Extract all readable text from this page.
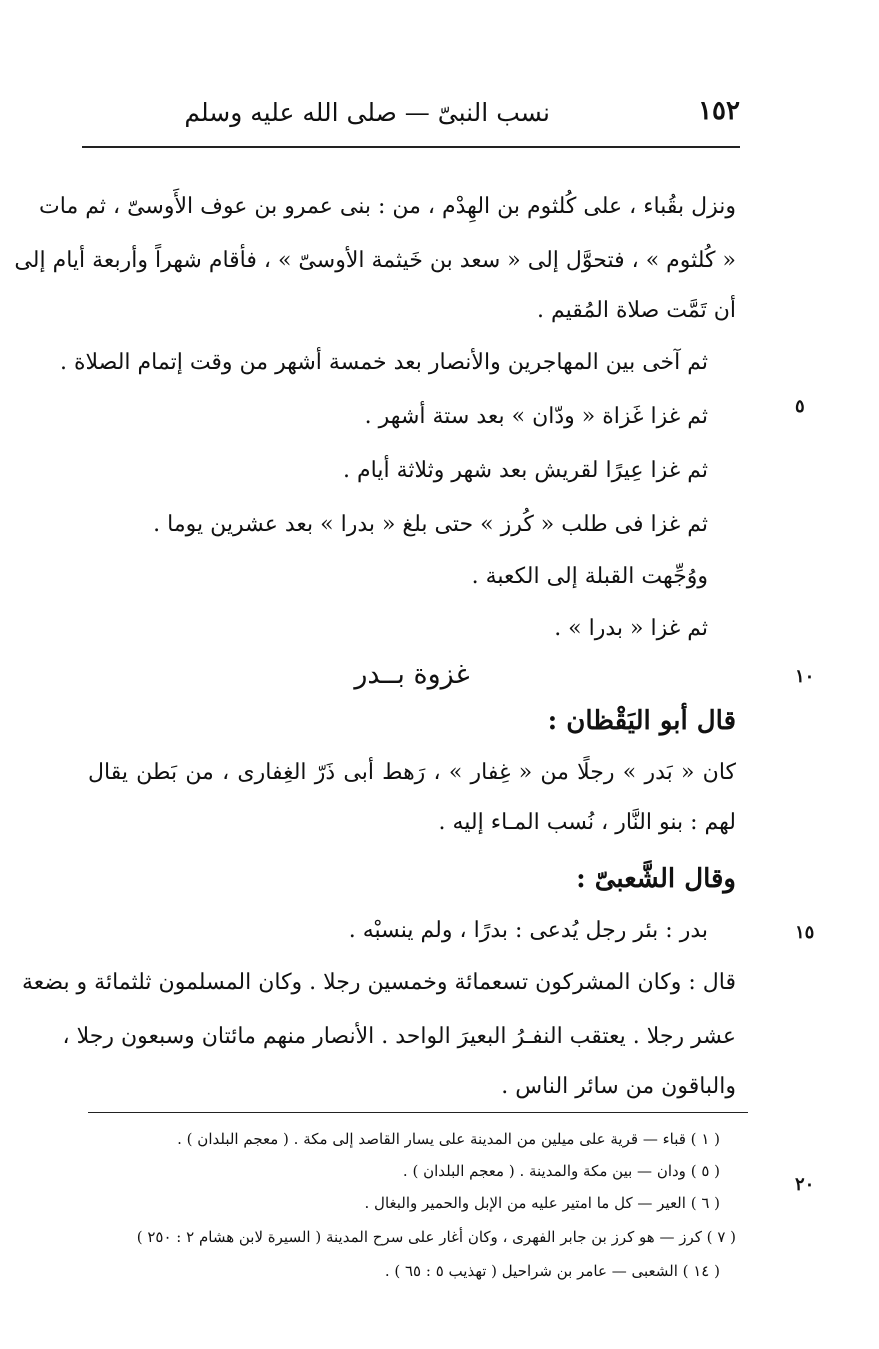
١٥٢
نسب النبىّ — صلى الله عليه وسلم
ونزل بقُباء ، على كُلثوم بن الهِدْم ، من : بنى عمرو بن عوف الأَوسىّ ، ثم مات
« كُلثوم » ، فتحوَّل إلى « سعد بن خَيثمة الأوسىّ » ، فأقام شهراً وأربعة أيام إلى
أن تَمَّت صلاة المُقيم .
ثم آخى بين المهاجرين والأنصار بعد خمسة أشهر من وقت إتمام الصلاة .
ثم غزا غَزاة « ودّان » بعد ستة أشهر .
ثم غزا عِيرًا لقريش بعد شهر وثلاثة أيام .
ثم غزا فى طلب « كُرز » حتى بلغ « بدرا » بعد عشرين يوما .
ووُجِّهت القبلة إلى الكعبة .
ثم غزا « بدرا » .
غزوة بــدر
قال أبو اليَقْظان :
كان « بَدر » رجلًا من « غِفار » ، رَهط أبى ذَرّ الغِفارى ، من بَطن يقال
لهم : بنو النَّار ، نُسب المـاء إليه .
وقال الشَّعبىّ :
بدر : بئر رجل يُدعى : بدرًا ، ولم ينسبْه .
قال : وكان المشركون تسعمائة وخمسين رجلا . وكان المسلمون ثلثمائة و بضعة
عشر رجلا . يعتقب النفـرُ البعيرَ الواحد . الأنصار منهم مائتان وسبعون رجلا ،
والباقون من سائر الناس .
٥
١٠
١٥
٢٠
( ١ ) قباء — قرية على ميلين من المدينة على يسار القاصد إلى مكة . ( معجم البلدان ) .
( ٥ ) ودان — بين مكة والمدينة . ( معجم البلدان ) .
( ٦ ) العير — كل ما امتير عليه من الإبل والحمير والبغال .
( ٧ ) كرز — هو كرز بن جابر الفهرى ، وكان أغار على سرح المدينة ( السيرة لابن هشام ٢ : ٢٥٠ )
( ١٤ ) الشعبى — عامر بن شراحيل ( تهذيب ٥ : ٦٥ ) .
